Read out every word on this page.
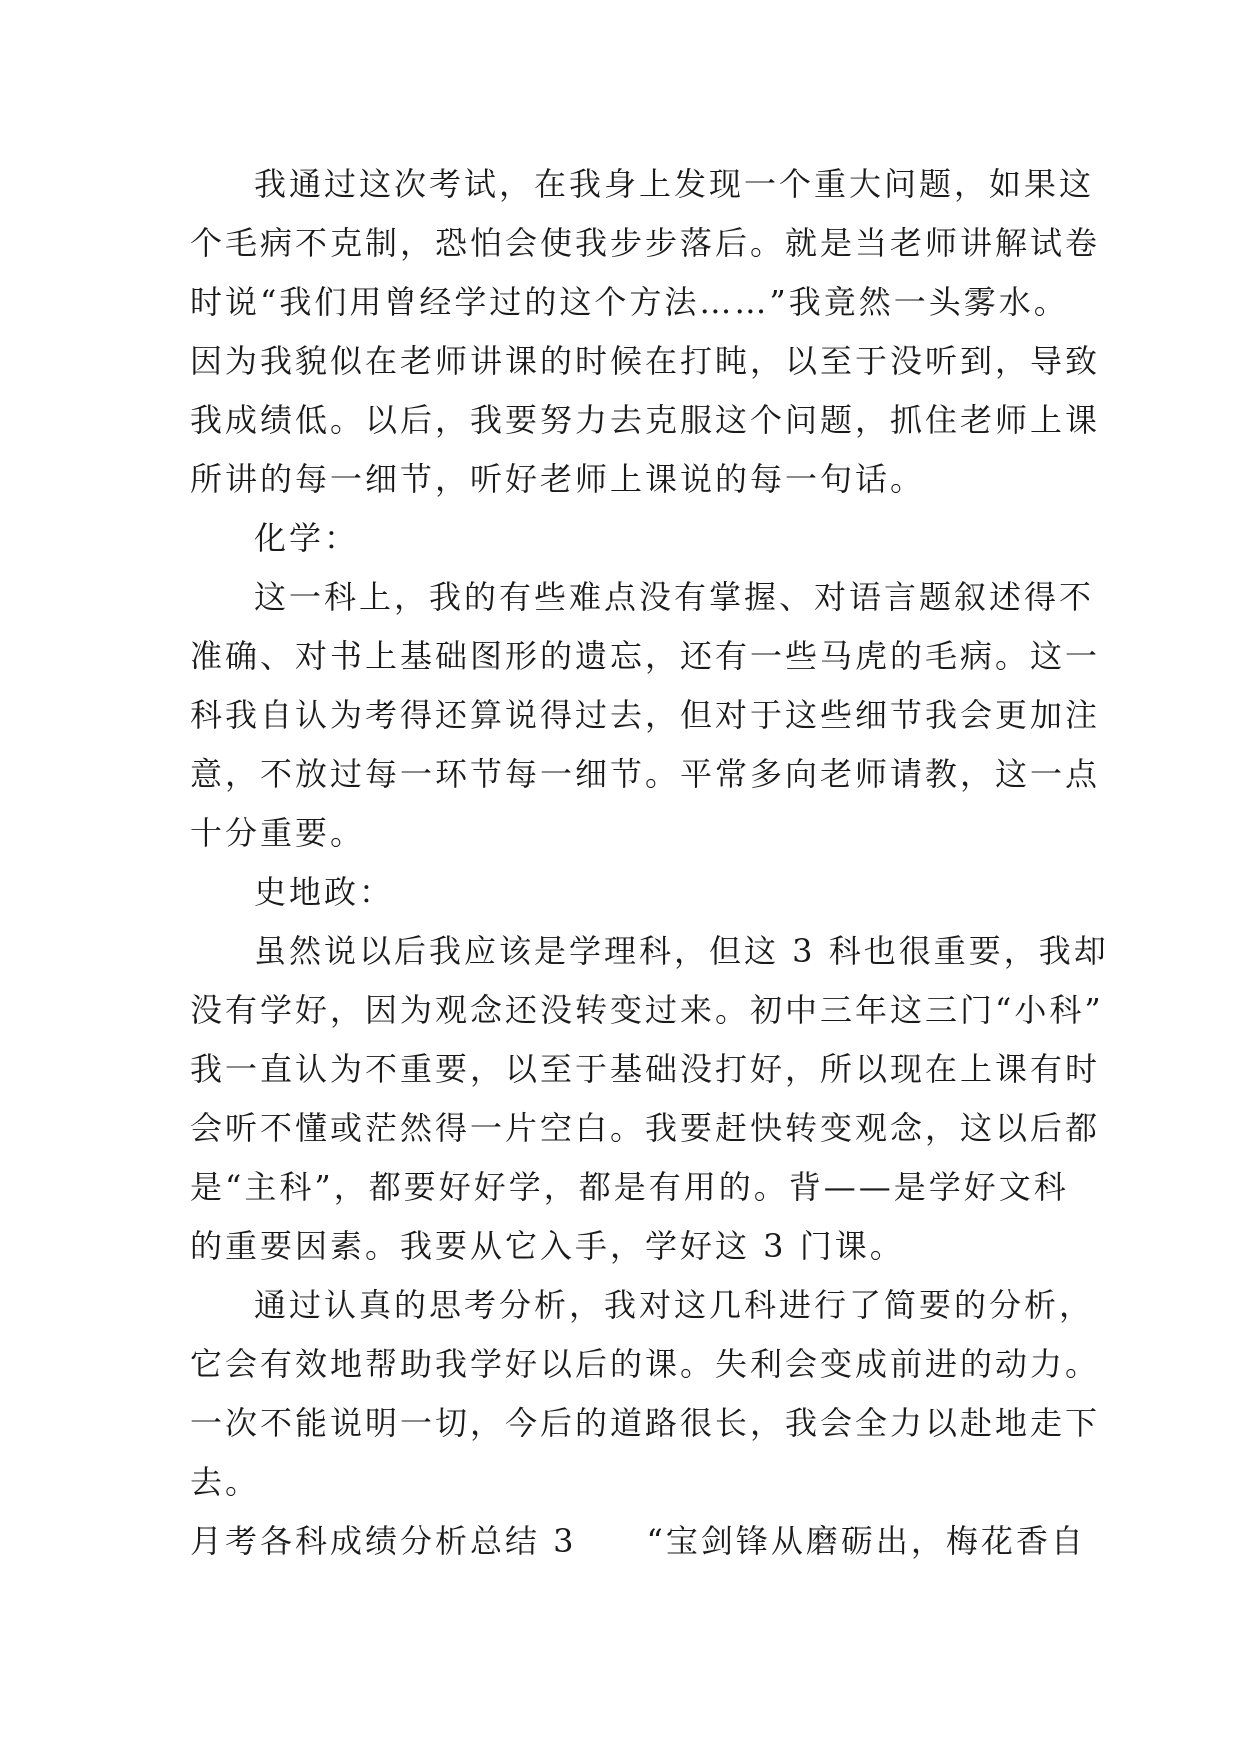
我通过这次考试，在我身上发现一个重大问题，如果这
个毛病不克制，恐怕会使我步步落后。就是当老师讲解试卷
时说“我们用曾经学过的这个方法……”我竟然一头雾水。
因为我貌似在老师讲课的时候在打盹，以至于没听到，导致
我成绩低。以后，我要努力去克服这个问题，抓住老师上课
所讲的每一细节，听好老师上课说的每一句话。
化学：
这一科上，我的有些难点没有掌握、对语言题叙述得不
准确、对书上基础图形的遗忘，还有一些马虎的毛病。这一
科我自认为考得还算说得过去，但对于这些细节我会更加注
意，不放过每一环节每一细节。平常多向老师请教，这一点
十分重要。
史地政：
虽然说以后我应该是学理科，但这 3 科也很重要，我却
没有学好，因为观念还没转变过来。初中三年这三门“小科”
我一直认为不重要，以至于基础没打好，所以现在上课有时
会听不懂或茫然得一片空白。我要赶快转变观念，这以后都
是“主科”，都要好好学，都是有用的。背——是学好文科
的重要因素。我要从它入手，学好这 3 门课。
通过认真的思考分析，我对这几科进行了简要的分析，
它会有效地帮助我学好以后的课。失利会变成前进的动力。
一次不能说明一切，今后的道路很长，我会全力以赴地走下
去。
月考各科成绩分析总结 3　　“宝剑锋从磨砺出，梅花香自
